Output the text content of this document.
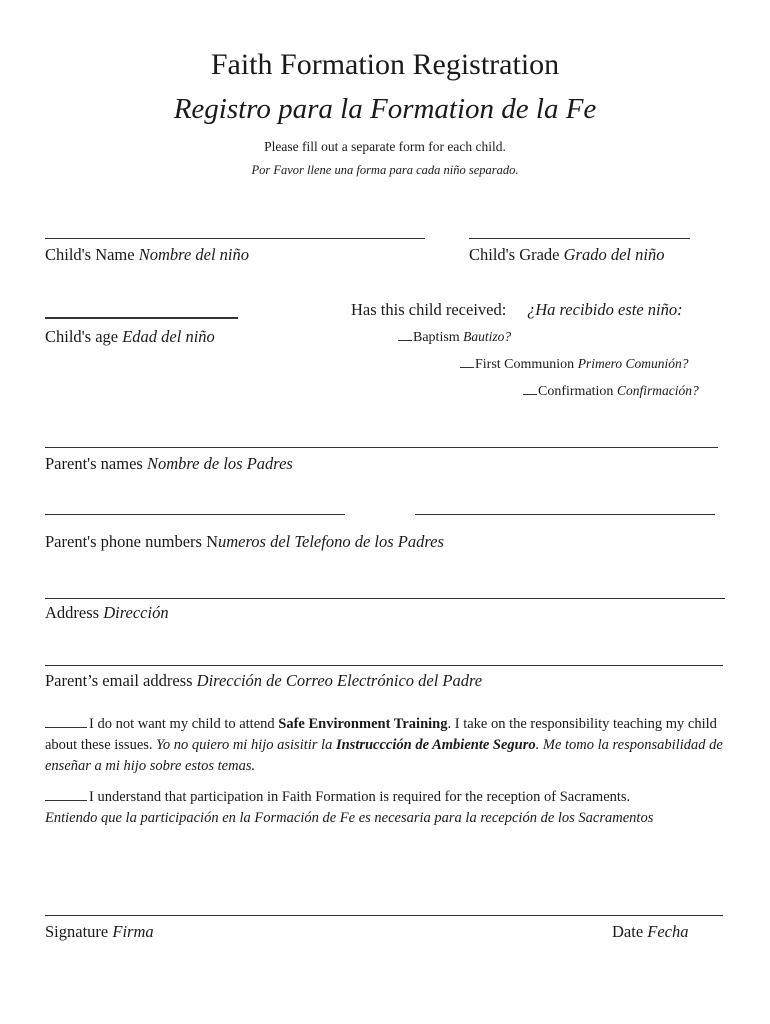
Faith Formation Registration
Registro para la Formation de la Fe
Please fill out a separate form for each child.
Por Favor llene una forma para cada niño separado.
Child's Name Nombre del niño	Child's Grade Grado del niño
Child's age Edad del niño
Has this child received: ¿Ha recibido este niño:
Baptism Bautizo?
First Communion Primero Comunión?
Confirmation Confirmación?
Parent's names Nombre de los Padres
Parent's phone numbers Numeros del Telefono de los Padres
Address Dirección
Parent’s email address Dirección de Correo Electrónico del Padre
I do not want my child to attend Safe Environment Training. I take on the responsibility teaching my child about these issues. Yo no quiero mi hijo asisitir la Instruccción de Ambiente Seguro. Me tomo la responsabilidad de enseñar a mi hijo sobre estos temas.
I understand that participation in Faith Formation is required for the reception of Sacraments.
Entiendo que la participación en la Formación de Fe es necesaria para la recepción de los Sacramentos
Signature Firma	Date Fecha
